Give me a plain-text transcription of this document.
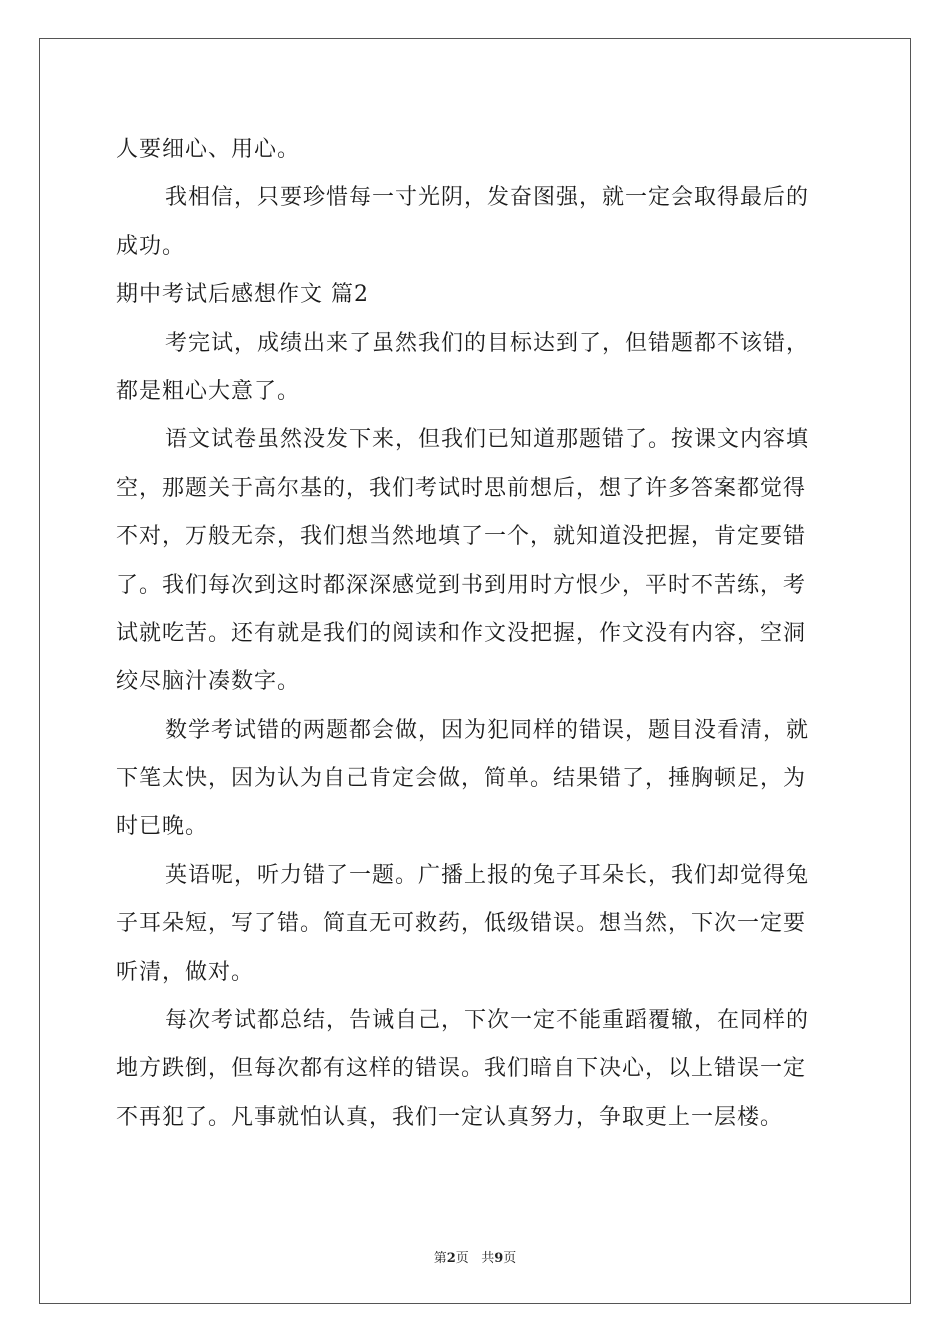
人要细心、用心。
我相信，只要珍惜每一寸光阴，发奋图强，就一定会取得最后的
成功。
期中考试后感想作文 篇2
考完试，成绩出来了虽然我们的目标达到了，但错题都不该错，
都是粗心大意了。
语文试卷虽然没发下来，但我们已知道那题错了。按课文内容填
空，那题关于高尔基的，我们考试时思前想后，想了许多答案都觉得
不对，万般无奈，我们想当然地填了一个，就知道没把握，肯定要错
了。我们每次到这时都深深感觉到书到用时方恨少，平时不苦练，考
试就吃苦。还有就是我们的阅读和作文没把握，作文没有内容，空洞
绞尽脑汁凑数字。
数学考试错的两题都会做，因为犯同样的错误，题目没看清，就
下笔太快，因为认为自己肯定会做，简单。结果错了，捶胸顿足，为
时已晚。
英语呢，听力错了一题。广播上报的兔子耳朵长，我们却觉得兔
子耳朵短，写了错。简直无可救药，低级错误。想当然，下次一定要
听清，做对。
每次考试都总结，告诫自己，下次一定不能重蹈覆辙，在同样的
地方跌倒，但每次都有这样的错误。我们暗自下决心，以上错误一定
不再犯了。凡事就怕认真，我们一定认真努力，争取更上一层楼。
第2页 共9页
